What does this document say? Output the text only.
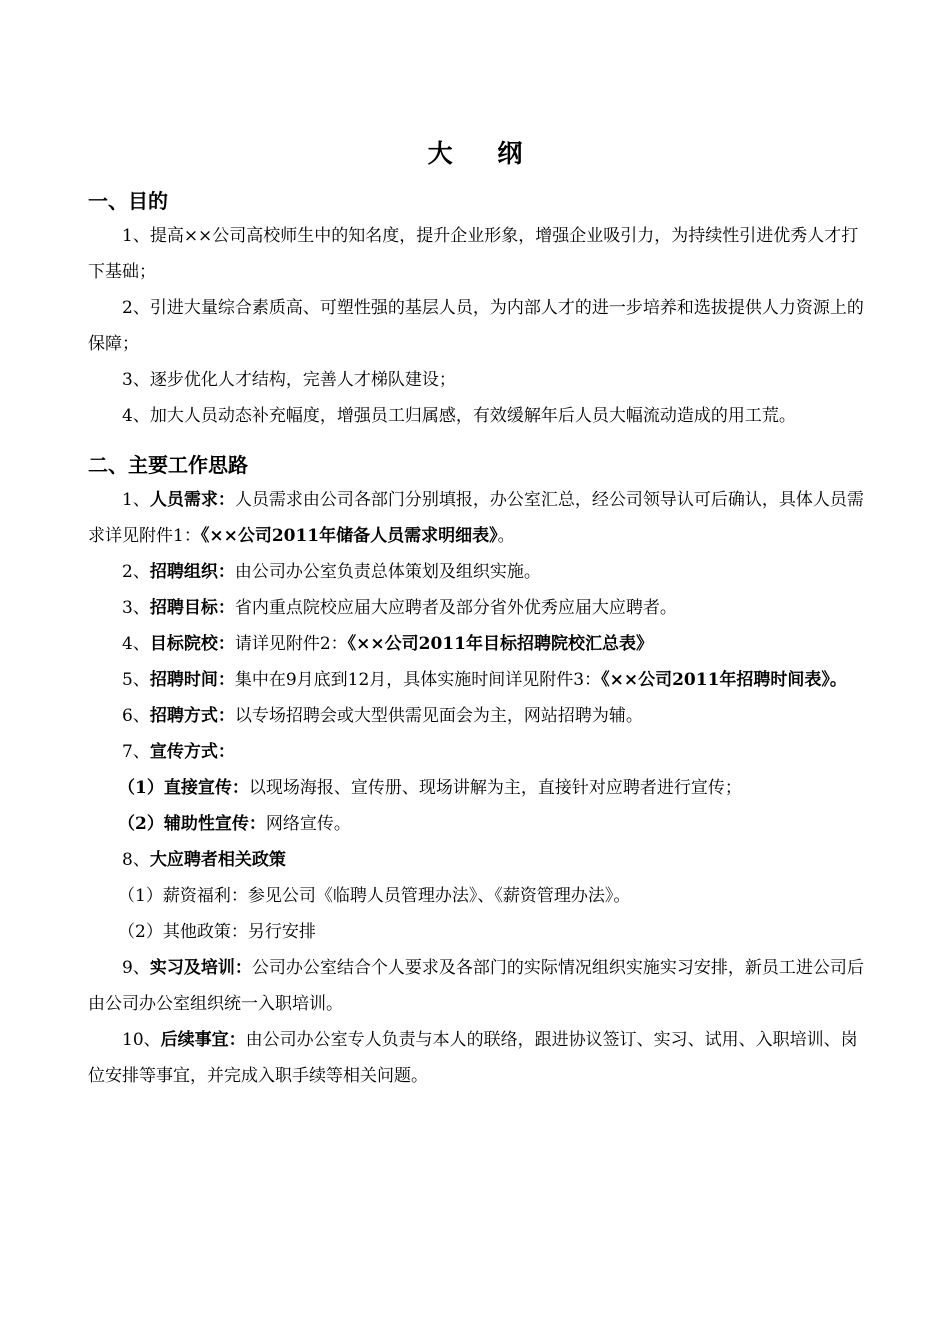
大 纲
一、目的

1、提高××公司高校师生中的知名度，提升企业形象，增强企业吸引力，为持续性引进优秀人才打下基础；

2、引进大量综合素质高、可塑性强的基层人员，为内部人才的进一步培养和选拔提供人力资源上的保障；

3、逐步优化人才结构，完善人才梯队建设；

4、加大人员动态补充幅度，增强员工归属感，有效缓解年后人员大幅流动造成的用工荒。

二、主要工作思路

1、人员需求：人员需求由公司各部门分别填报，办公室汇总，经公司领导认可后确认，具体人员需求详见附件1：《××公司2011年储备人员需求明细表》。

2、招聘组织：由公司办公室负责总体策划及组织实施。

3、招聘目标：省内重点院校应届大应聘者及部分省外优秀应届大应聘者。

4、目标院校：请详见附件2：《××公司2011年目标招聘院校汇总表》

5、招聘时间：集中在9月底到12月，具体实施时间详见附件3：《××公司2011年招聘时间表》。

6、招聘方式：以专场招聘会或大型供需见面会为主，网站招聘为辅。

7、宣传方式：

（1）直接宣传：以现场海报、宣传册、现场讲解为主，直接针对应聘者进行宣传；

（2）辅助性宣传：网络宣传。

8、大应聘者相关政策

（1）薪资福利：参见公司《临聘人员管理办法》、《薪资管理办法》。

（2）其他政策：另行安排

9、实习及培训：公司办公室结合个人要求及各部门的实际情况组织实施实习安排，新员工进公司后由公司办公室组织统一入职培训。

10、后续事宜：由公司办公室专人负责与本人的联络，跟进协议签订、实习、试用、入职培训、岗位安排等事宜，并完成入职手续等相关问题。
